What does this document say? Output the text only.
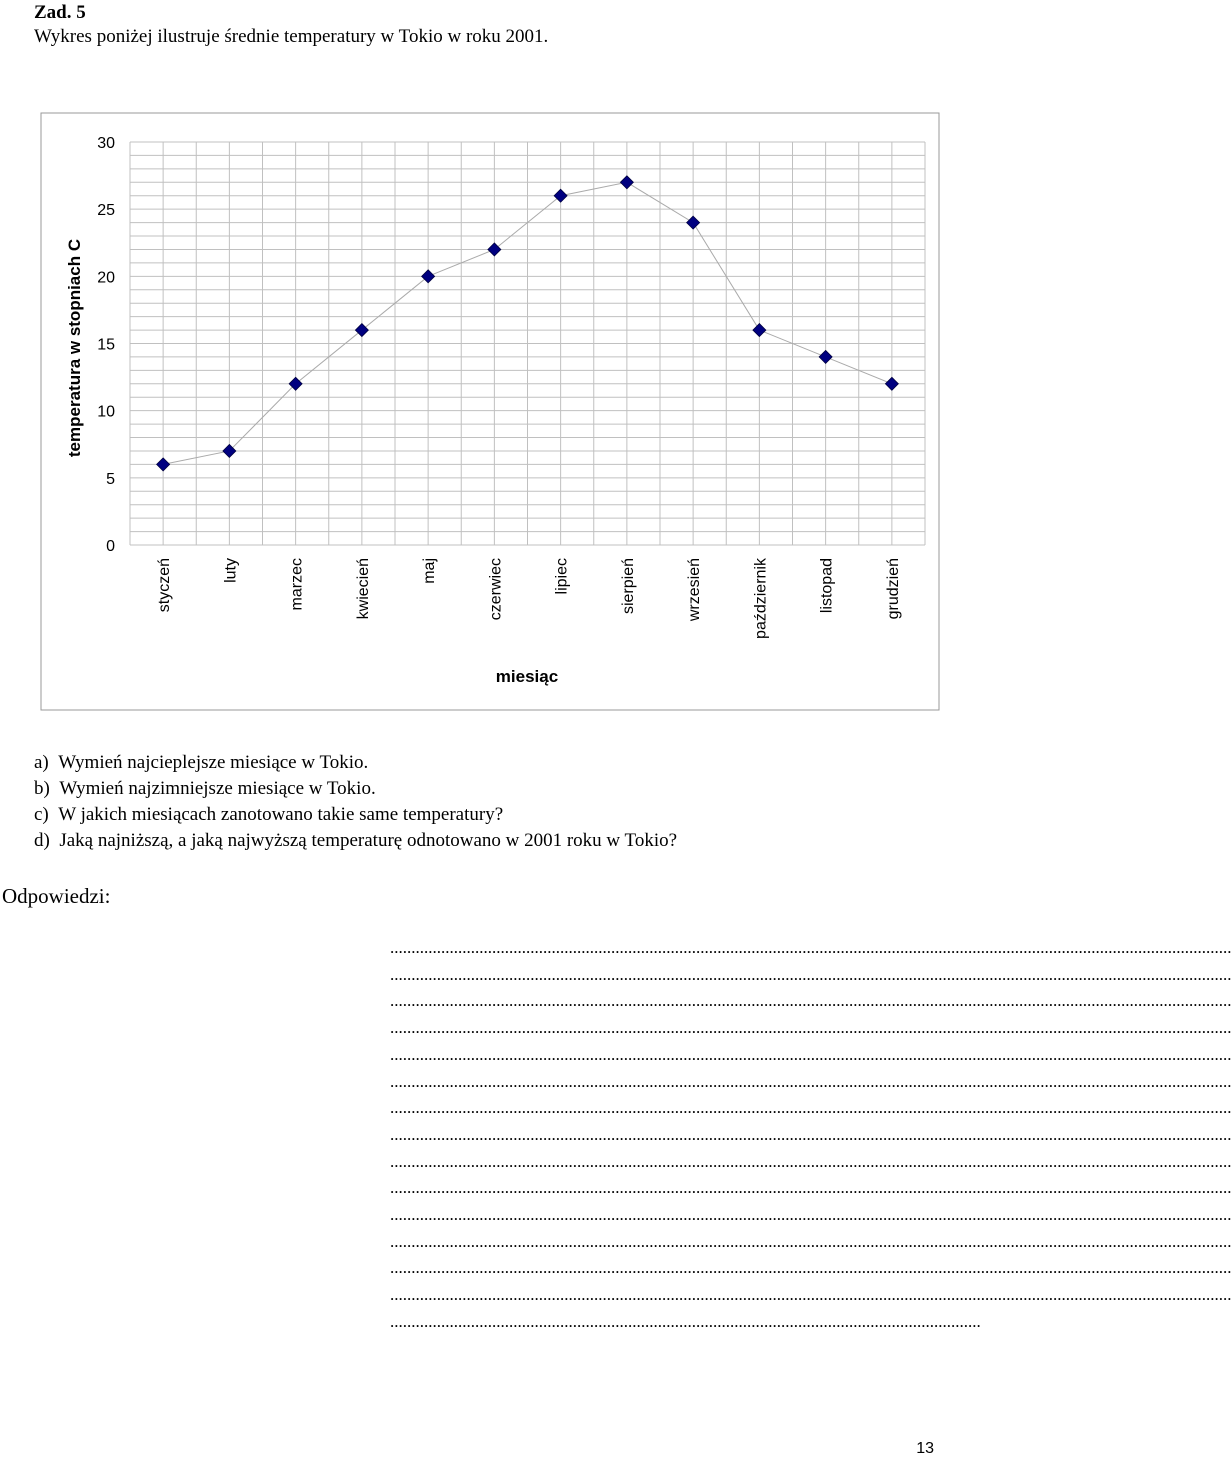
Zad. 5
Wykres poniżej ilustruje średnie temperatury w Tokio w roku 2001.
0
5
10
15
20
25
30
styczeń	luty	marzec	kwiecień	maj	czerwiec	lipiec	sierpień	wrzesień	październik	listopad	grudzień
temperatura w stopniach C
miesiąc
a)  Wymień najcieplejsze miesiące w Tokio.
b)  Wymień najzimniejsze miesiące w Tokio.
c)  W jakich miesiącach zanotowano takie same temperatury?
d)  Jaką najniższą, a jaką najwyższą temperaturę odnotowano w 2001 roku w Tokio?
Odpowiedzi:
......................................................................................................................................................................................................
......................................................................................................................................................................................................
......................................................................................................................................................................................................
......................................................................................................................................................................................................
......................................................................................................................................................................................................
......................................................................................................................................................................................................
......................................................................................................................................................................................................
......................................................................................................................................................................................................
......................................................................................................................................................................................................
......................................................................................................................................................................................................
......................................................................................................................................................................................................
......................................................................................................................................................................................................
......................................................................................................................................................................................................
......................................................................................................................................................................................................
...........................................................................................................................................
13
